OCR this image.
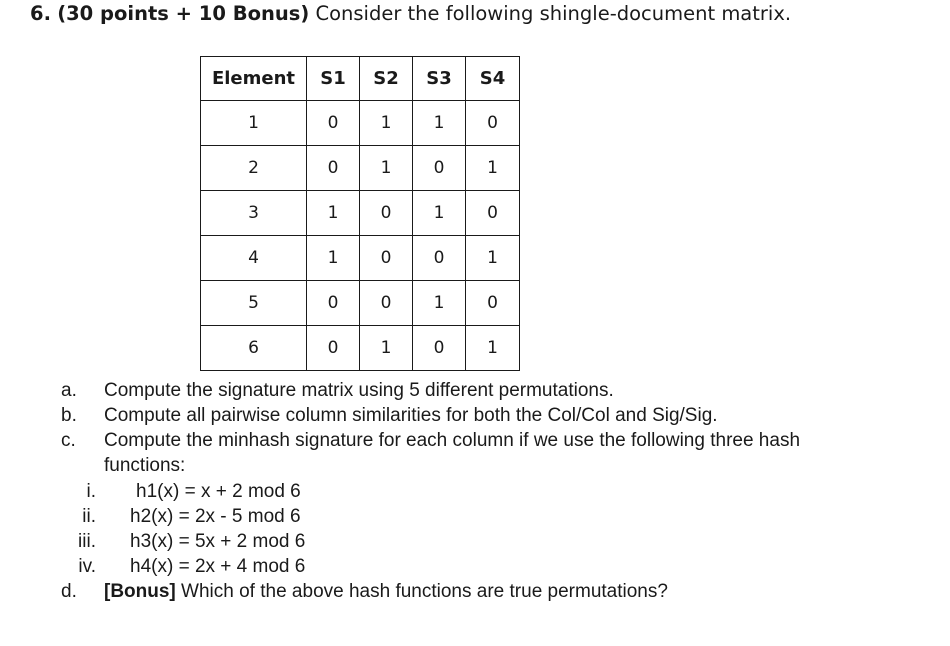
6. (30 points + 10 Bonus) Consider the following shingle-document matrix.
Element	S1	S2	S3	S4
1	0	1	1	0
2	0	1	0	1
3	1	0	1	0
4	1	0	0	1
5	0	0	1	0
6	0	1	0	1
a. Compute the signature matrix using 5 different permutations.
b. Compute all pairwise column similarities for both the Col/Col and Sig/Sig.
c. Compute the minhash signature for each column if we use the following three hash
functions:
i. h1(x) = x + 2 mod 6
ii. h2(x) = 2x - 5 mod 6
iii. h3(x) = 5x + 2 mod 6
iv. h4(x) = 2x + 4 mod 6
d. [Bonus] Which of the above hash functions are true permutations?
